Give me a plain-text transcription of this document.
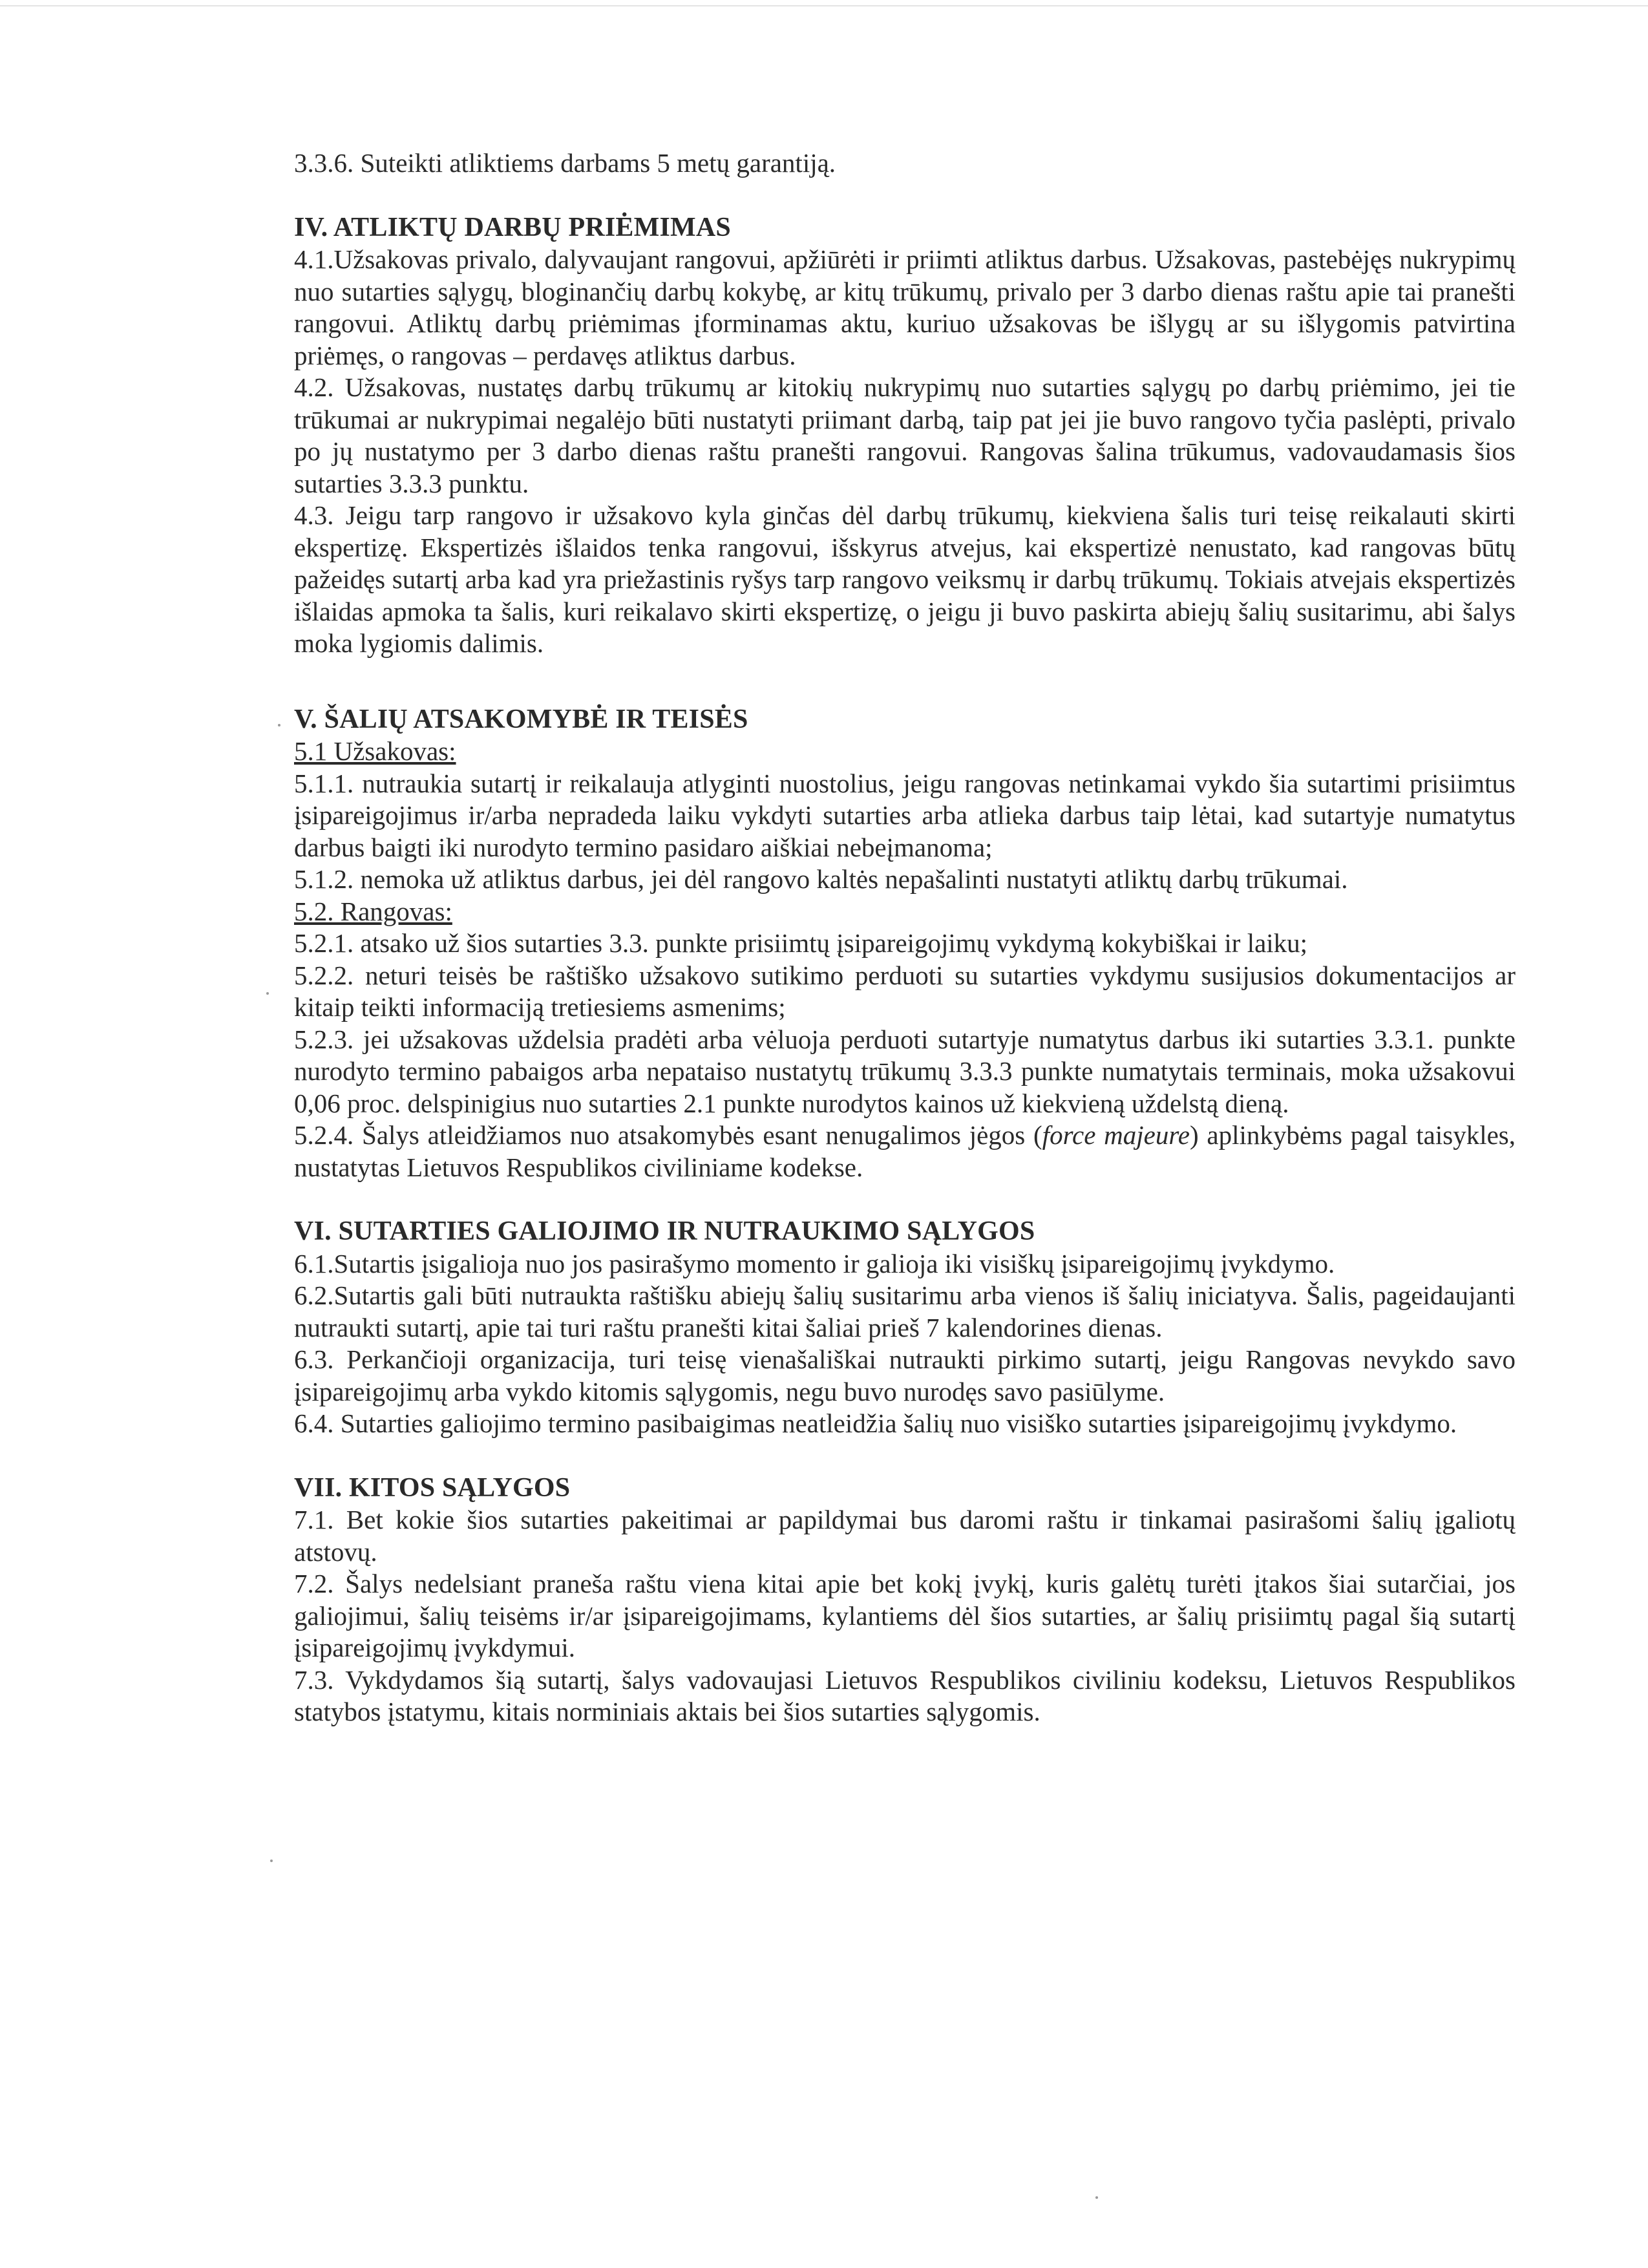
3.3.6. Suteikti atliktiems darbams 5 metų garantiją.

IV. ATLIKTŲ DARBŲ PRIĖMIMAS

4.1.Užsakovas privalo, dalyvaujant rangovui, apžiūrėti ir priimti atliktus darbus. Užsakovas, pastebėjęs nukrypimų nuo sutarties sąlygų, bloginančių darbų kokybę, ar kitų trūkumų, privalo per 3 darbo dienas raštu apie tai pranešti rangovui. Atliktų darbų priėmimas įforminamas aktu, kuriuo užsakovas be išlygų ar su išlygomis patvirtina priėmęs, o rangovas – perdavęs atliktus darbus.

4.2. Užsakovas, nustatęs darbų trūkumų ar kitokių nukrypimų nuo sutarties sąlygų po darbų priėmimo, jei tie trūkumai ar nukrypimai negalėjo būti nustatyti priimant darbą, taip pat jei jie buvo rangovo tyčia paslėpti, privalo po jų nustatymo per 3 darbo dienas raštu pranešti rangovui. Rangovas šalina trūkumus, vadovaudamasis šios sutarties 3.3.3 punktu.

4.3. Jeigu tarp rangovo ir užsakovo kyla ginčas dėl darbų trūkumų, kiekviena šalis turi teisę reikalauti skirti ekspertizę. Ekspertizės išlaidos tenka rangovui, išskyrus atvejus, kai ekspertizė nenustato, kad rangovas būtų pažeidęs sutartį arba kad yra priežastinis ryšys tarp rangovo veiksmų ir darbų trūkumų. Tokiais atvejais ekspertizės išlaidas apmoka ta šalis, kuri reikalavo skirti ekspertizę, o jeigu ji buvo paskirta abiejų šalių susitarimu, abi šalys moka lygiomis dalimis.

V. ŠALIŲ ATSAKOMYBĖ IR TEISĖS

5.1 Užsakovas:

5.1.1. nutraukia sutartį ir reikalauja atlyginti nuostolius, jeigu rangovas netinkamai vykdo šia sutartimi prisiimtus įsipareigojimus ir/arba nepradeda laiku vykdyti sutarties arba atlieka darbus taip lėtai, kad sutartyje numatytus darbus baigti iki nurodyto termino pasidaro aiškiai nebeįmanoma;

5.1.2. nemoka už atliktus darbus, jei dėl rangovo kaltės nepašalinti nustatyti atliktų darbų trūkumai.

5.2. Rangovas:

5.2.1. atsako už šios sutarties 3.3. punkte prisiimtų įsipareigojimų vykdymą kokybiškai ir laiku;

5.2.2. neturi teisės be raštiško užsakovo sutikimo perduoti su sutarties vykdymu susijusios dokumentacijos ar kitaip teikti informaciją tretiesiems asmenims;

5.2.3. jei užsakovas uždelsia pradėti arba vėluoja perduoti sutartyje numatytus darbus iki sutarties 3.3.1. punkte nurodyto termino pabaigos arba nepataiso nustatytų trūkumų 3.3.3 punkte numatytais terminais, moka užsakovui 0,06 proc. delspinigius nuo sutarties 2.1 punkte nurodytos kainos už kiekvieną uždelstą dieną.

5.2.4. Šalys atleidžiamos nuo atsakomybės esant nenugalimos jėgos (force majeure) aplinkybėms pagal taisykles, nustatytas Lietuvos Respublikos civiliniame kodekse.

VI. SUTARTIES GALIOJIMO IR NUTRAUKIMO SĄLYGOS

6.1.Sutartis įsigalioja nuo jos pasirašymo momento ir galioja iki visiškų įsipareigojimų įvykdymo.

6.2.Sutartis gali būti nutraukta raštišku abiejų šalių susitarimu arba vienos iš šalių iniciatyva. Šalis, pageidaujanti nutraukti sutartį, apie tai turi raštu pranešti kitai šaliai prieš 7 kalendorines dienas.

6.3. Perkančioji organizacija, turi teisę vienašališkai nutraukti pirkimo sutartį, jeigu Rangovas nevykdo savo įsipareigojimų arba vykdo kitomis sąlygomis, negu buvo nurodęs savo pasiūlyme.

6.4. Sutarties galiojimo termino pasibaigimas neatleidžia šalių nuo visiško sutarties įsipareigojimų įvykdymo.

VII. KITOS SĄLYGOS

7.1. Bet kokie šios sutarties pakeitimai ar papildymai bus daromi raštu ir tinkamai pasirašomi šalių įgaliotų atstovų.

7.2. Šalys nedelsiant praneša raštu viena kitai apie bet kokį įvykį, kuris galėtų turėti įtakos šiai sutarčiai, jos galiojimui, šalių teisėms ir/ar įsipareigojimams, kylantiems dėl šios sutarties, ar šalių prisiimtų pagal šią sutartį įsipareigojimų įvykdymui.

7.3. Vykdydamos šią sutartį, šalys vadovaujasi Lietuvos Respublikos civiliniu kodeksu, Lietuvos Respublikos statybos įstatymu, kitais norminiais aktais bei šios sutarties sąlygomis.
